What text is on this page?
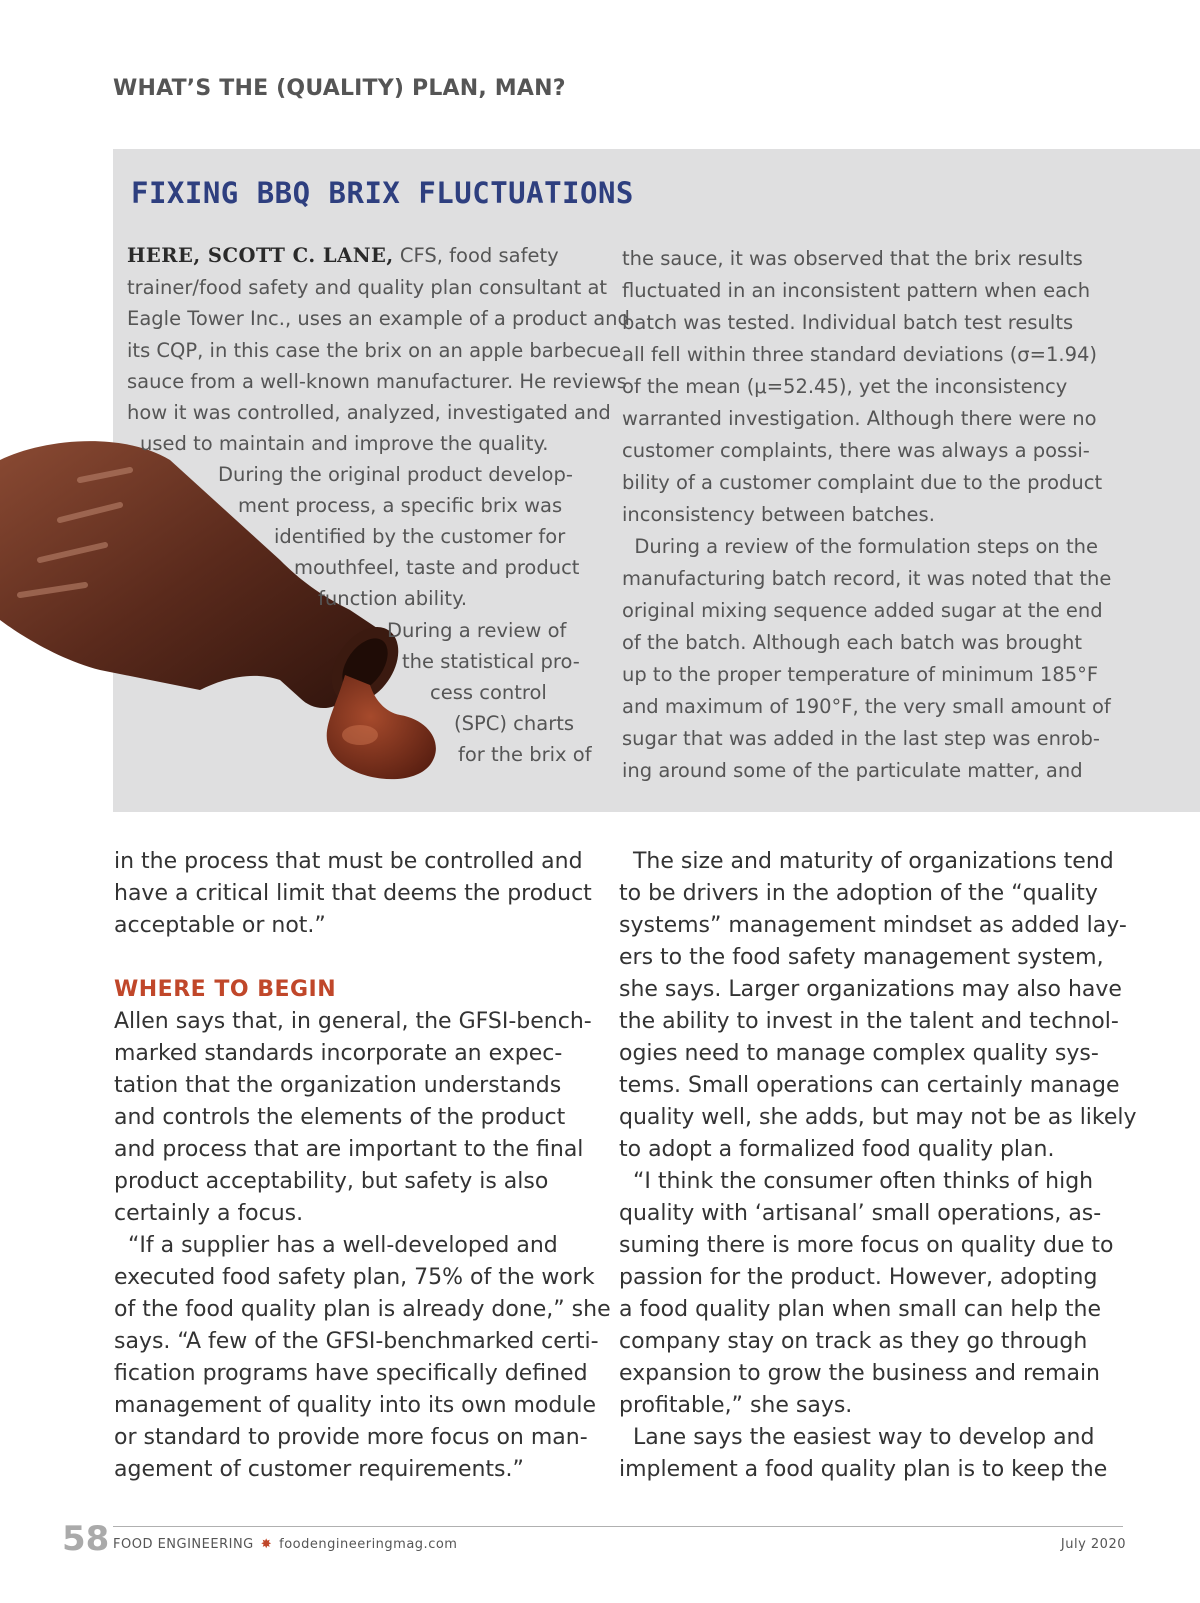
WHAT’S THE (QUALITY) PLAN, MAN?
FIXING BBQ BRIX FLUCTUATIONS
HERE, SCOTT C. LANE, CFS, food safety
trainer/food safety and quality plan consultant at
Eagle Tower Inc., uses an example of a product and
its CQP, in this case the brix on an apple barbecue
sauce from a well-known manufacturer. He reviews
how it was controlled, analyzed, investigated and
used to maintain and improve the quality.
During the original product develop-
ment process, a specific brix was
identified by the customer for
mouthfeel, taste and product
function ability.
During a review of
the statistical pro-
cess control
(SPC) charts
for the brix of
the sauce, it was observed that the brix results
fluctuated in an inconsistent pattern when each
batch was tested. Individual batch test results
all fell within three standard deviations (σ=1.94)
of the mean (μ=52.45), yet the inconsistency
warranted investigation. Although there were no
customer complaints, there was always a possi-
bility of a customer complaint due to the product
inconsistency between batches.
During a review of the formulation steps on the
manufacturing batch record, it was noted that the
original mixing sequence added sugar at the end
of the batch. Although each batch was brought
up to the proper temperature of minimum 185°F
and maximum of 190°F, the very small amount of
sugar that was added in the last step was enrob-
ing around some of the particulate matter, and
in the process that must be controlled and
have a critical limit that deems the product
acceptable or not.”
WHERE TO BEGIN
Allen says that, in general, the GFSI-bench-
marked standards incorporate an expec-
tation that the organization understands
and controls the elements of the product
and process that are important to the final
product acceptability, but safety is also
certainly a focus.
“If a supplier has a well-developed and
executed food safety plan, 75% of the work
of the food quality plan is already done,” she
says. “A few of the GFSI-benchmarked certi-
fication programs have specifically defined
management of quality into its own module
or standard to provide more focus on man-
agement of customer requirements.”
The size and maturity of organizations tend
to be drivers in the adoption of the “quality
systems” management mindset as added lay-
ers to the food safety management system,
she says. Larger organizations may also have
the ability to invest in the talent and technol-
ogies need to manage complex quality sys-
tems. Small operations can certainly manage
quality well, she adds, but may not be as likely
to adopt a formalized food quality plan.
“I think the consumer often thinks of high
quality with ‘artisanal’ small operations, as-
suming there is more focus on quality due to
passion for the product. However, adopting
a food quality plan when small can help the
company stay on track as they go through
expansion to grow the business and remain
profitable,” she says.
Lane says the easiest way to develop and
implement a food quality plan is to keep the
58 FOOD ENGINEERING ✸ foodengineeringmag.com	July 2020
